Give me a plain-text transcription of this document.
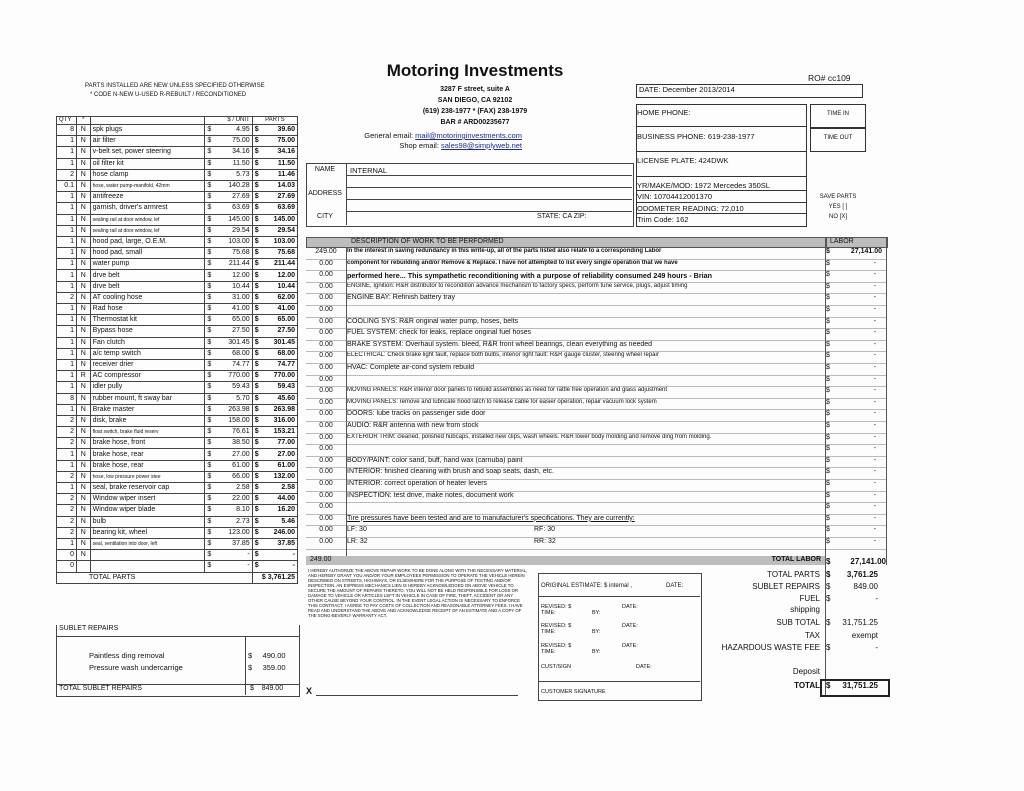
PARTS INSTALLED ARE NEW UNLESS SPECIFIED OTHERWISE
* CODE N-NEW U-USED R-REBUILT / RECONDITIONED
Motoring Investments
3287 F street, suite A
SAN DIEGO, CA 92102
(619) 238-1977 * (FAX) 238-1979
BAR # ARD00235677
General email: mail@motoringinvestments.com
Shop email: sales98@simplyweb.net
RO# cc109
DATE: December 2013/2014
HOME PHONE:
BUSINESS PHONE: 619-238-1977
LICENSE PLATE: 424DWK
YR/MAKE/MOD: 1972 Mercedes 350SL
VIN: 10704412001370
ODOMETER READING: 72,010
Trim Code: 162
TIME IN
TIME OUT
SAVE PARTS
YES [ ]
NO [X]
NAME	INTERNAL
ADDRESS
CITY	STATE: CA ZIP:
QTY	*		$ / UNIT	PARTS
8	N	spk plugs	$ 4.95	$ 39.60
1	N	air filter	$ 75.00	$ 75.00
1	N	v-belt set, power steering	$ 34.16	$ 34.16
1	N	oil filter kit	$ 11.50	$ 11.50
2	N	hose clamp	$ 5.73	$ 11.46
0.1	N	hose, water pump-manifold, 42mm	$ 140.28	$ 14.03
1	N	antifreeze	$ 27.69	$ 27.69
1	N	garnish, driver's armrest	$ 63.69	$ 63.69
1	N	sealing rail at door window, lef	$ 145.00	$ 145.00
1	N	sealing rail at door window, lef	$ 29.54	$ 29.54
1	N	hood pad, large, O.E.M.	$ 103.00	$ 103.00
1	N	hood pad, small	$ 75.68	$ 75.68
1	N	water pump	$ 211.44	$ 211.44
1	N	drve belt	$ 12.00	$ 12.00
1	N	drve belt	$ 10.44	$ 10.44
2	N	AT cooling hose	$ 31.00	$ 62.00
1	N	Rad hose	$ 41.00	$ 41.00
1	N	Thermostat kit	$ 65.00	$ 65.00
1	N	Bypass hose	$ 27.50	$ 27.50
1	N	Fan clutch	$ 301.45	$ 301.45
1	N	a/c temp switch	$ 68.00	$ 68.00
1	N	receiver drier	$ 74.77	$ 74.77
1	R	AC compressor	$ 770.00	$ 770.00
1	N	idler pully	$ 59.43	$ 59.43
8	N	rubber mount, ft sway bar	$ 5.70	$ 45.60
1	N	Brake master	$ 263.98	$ 263.98
2	N	disk, brake	$ 158.00	$ 316.00
2	N	float switch, brake fluid reserv	$ 76.61	$ 153.21
2	N	brake hose, front	$ 38.50	$ 77.00
1	N	brake hose, rear	$ 27.00	$ 27.00
1	N	brake hose, rear	$ 61.00	$ 61.00
2	N	hose, low pressure power stee	$ 66.00	$ 132.00
1	N	seal, brake reservoir cap	$ 2.58	$ 2.58
2	N	Window wiper insert	$ 22.00	$ 44.00
2	N	Window wiper blade	$ 8.10	$ 16.20
2	N	bulb	$ 2.73	$ 5.46
2	N	bearing kit, wheel	$ 123.00	$ 246.00
1	N	seal, ventilation into door, left	$ 37.85	$ 37.85
0	N		$ -	$ -
0			$ -	$ -
TOTAL PARTS				$ 3,761.25
SUBLET REPAIRS
Paintless ding removal	$     490.00
Pressure wash undercarrige	$     359.00
TOTAL SUBLET REPAIRS	$    849.00
DESCRIPTION OF WORK TO BE PERFORMED	LABOR
249.00	In the interest in saving redundancy in this write-up, all of the parts listed also relate to a corresponding Labor	$	27,141.00
0.00	component for rebuilding and/or Remove & Replace. I have not attempted to list every single operation that we have	$	-
0.00	performed here... This sympathetic reconditioning with a purpose of reliability consumed 249 hours - Brian	$	-
0.00	ENGINE, Ignition: R&R distributor to recondition advance mechanism to factory specs, perform tune service, plugs, adjust timing	$	-
0.00	ENGINE BAY: Refinish battery tray	$	-
0.00	$	-
0.00	COOLING SYS: R&R original water pump, hoses, belts	$	-
0.00	FUEL SYSTEM: check for leaks, replace original fuel hoses	$	-
0.00	BRAKE SYSTEM: Overhaul system. bleed, R&R front wheel bearings, clean everything as needed	$	-
0.00	ELECTRICAL: Check brake light fault, replace both bulbs, interior light fault: R&R gauge cluster, steering wheel repair	$	-
0.00	HVAC: Complete air-cond system rebuild	$	-
0.00	$	-
0.00	MOVING PANELS: R&R interior door panels to rebuild assemblies as need for rattle free operation and glass adjustment	$	-
0.00	MOVING PANELS: remove and lubricate hood latch to release cable for easier operation, repair vacuum lock system	$	-
0.00	DOORS: lube tracks on passenger side door	$	-
0.00	AUDIO: R&R antenna with new from stock	$	-
0.00	EXTERIOR TRIM: cleaned, polished hubcaps, installed new clips, wash wheels. R&R lower body molding and remove ding from molding.	$	-
0.00	$	-
0.00	BODY/PAINT: color sand, buff, hand wax (carnuba) paint	$	-
0.00	INTERIOR: finished cleaning with brush and soap seats, dash, etc.	$	-
0.00	INTERIOR: correct operation of heater levers	$	-
0.00	INSPECTION: test drive, make notes, document work	$	-
0.00	$	-
0.00	Tire pressures have been tested and are to manufacturer's specifications. They are currently:	$	-
0.00	LF: 30	RF: 30	$	-
0.00	LR: 32	RR: 32	$	-
249.00	TOTAL LABOR $ 27,141.00
I HEREBY AUTHORIZE THE ABOVE REPAIR WORK TO BE DONE ALONG WITH THE NECESSARY MATERIAL, AND HEREBY GRANT YOU AND/OR YOUR EMPLOYEES PERMISSION TO OPERATE THE VEHICLE HEREIN DESCRIBED ON STREETS, HIGHWAYS, OR ELSEWHERE FOR THE PURPOSE OF TESTING AND/OR INSPECTION. AN EXPRESS MECHANICS LIEN IS HEREBY ACKNOWLEDGED ON ABOVE VEHICLE TO SECURE THE AMOUNT OF REPAIRS THERETO. YOU WILL NOT BE HELD RESPONSIBLE FOR LOSS OR DAMAGE TO VEHICLE OR ARTICLES LEFT IN VEHICLE IN CASE OF FIRE, THEFT, ACCIDENT OR ANY OTHER CAUSE BEYOND YOUR CONTROL. IN THE EVENT LEGAL ACTION IS NECESSARY TO ENFORCE THIS CONTRACT, I AGREE TO PAY COSTS OF COLLECTION AND REASONABLE ATTORNEY FEES. I HAVE READ AND UNDERSTAND THE ABOVE AND ACKNOWLEDGE RECEIPT OF AN ESTIMATE AND A COPY OF THE SONG-BEVERLY WARRANTY ACT.
X
ORIGINAL ESTIMATE: $ internal ,	DATE:
REVISED: $	DATE:
TIME:	BY:
REVISED: $	DATE:
TIME:	BY:
REVISED: $	DATE:
TIME:	BY:
CUST/SIGN	DATE:
CUSTOMER SIGNATURE
TOTAL PARTS $ 3,761.25
SUBLET REPAIRS $	849.00
FUEL $	-
shipping
SUB TOTAL $ 31,751.25
TAX	exempt
HAZARDOUS WASTE FEE $	-
Deposit
TOTAL $ 31,751.25
